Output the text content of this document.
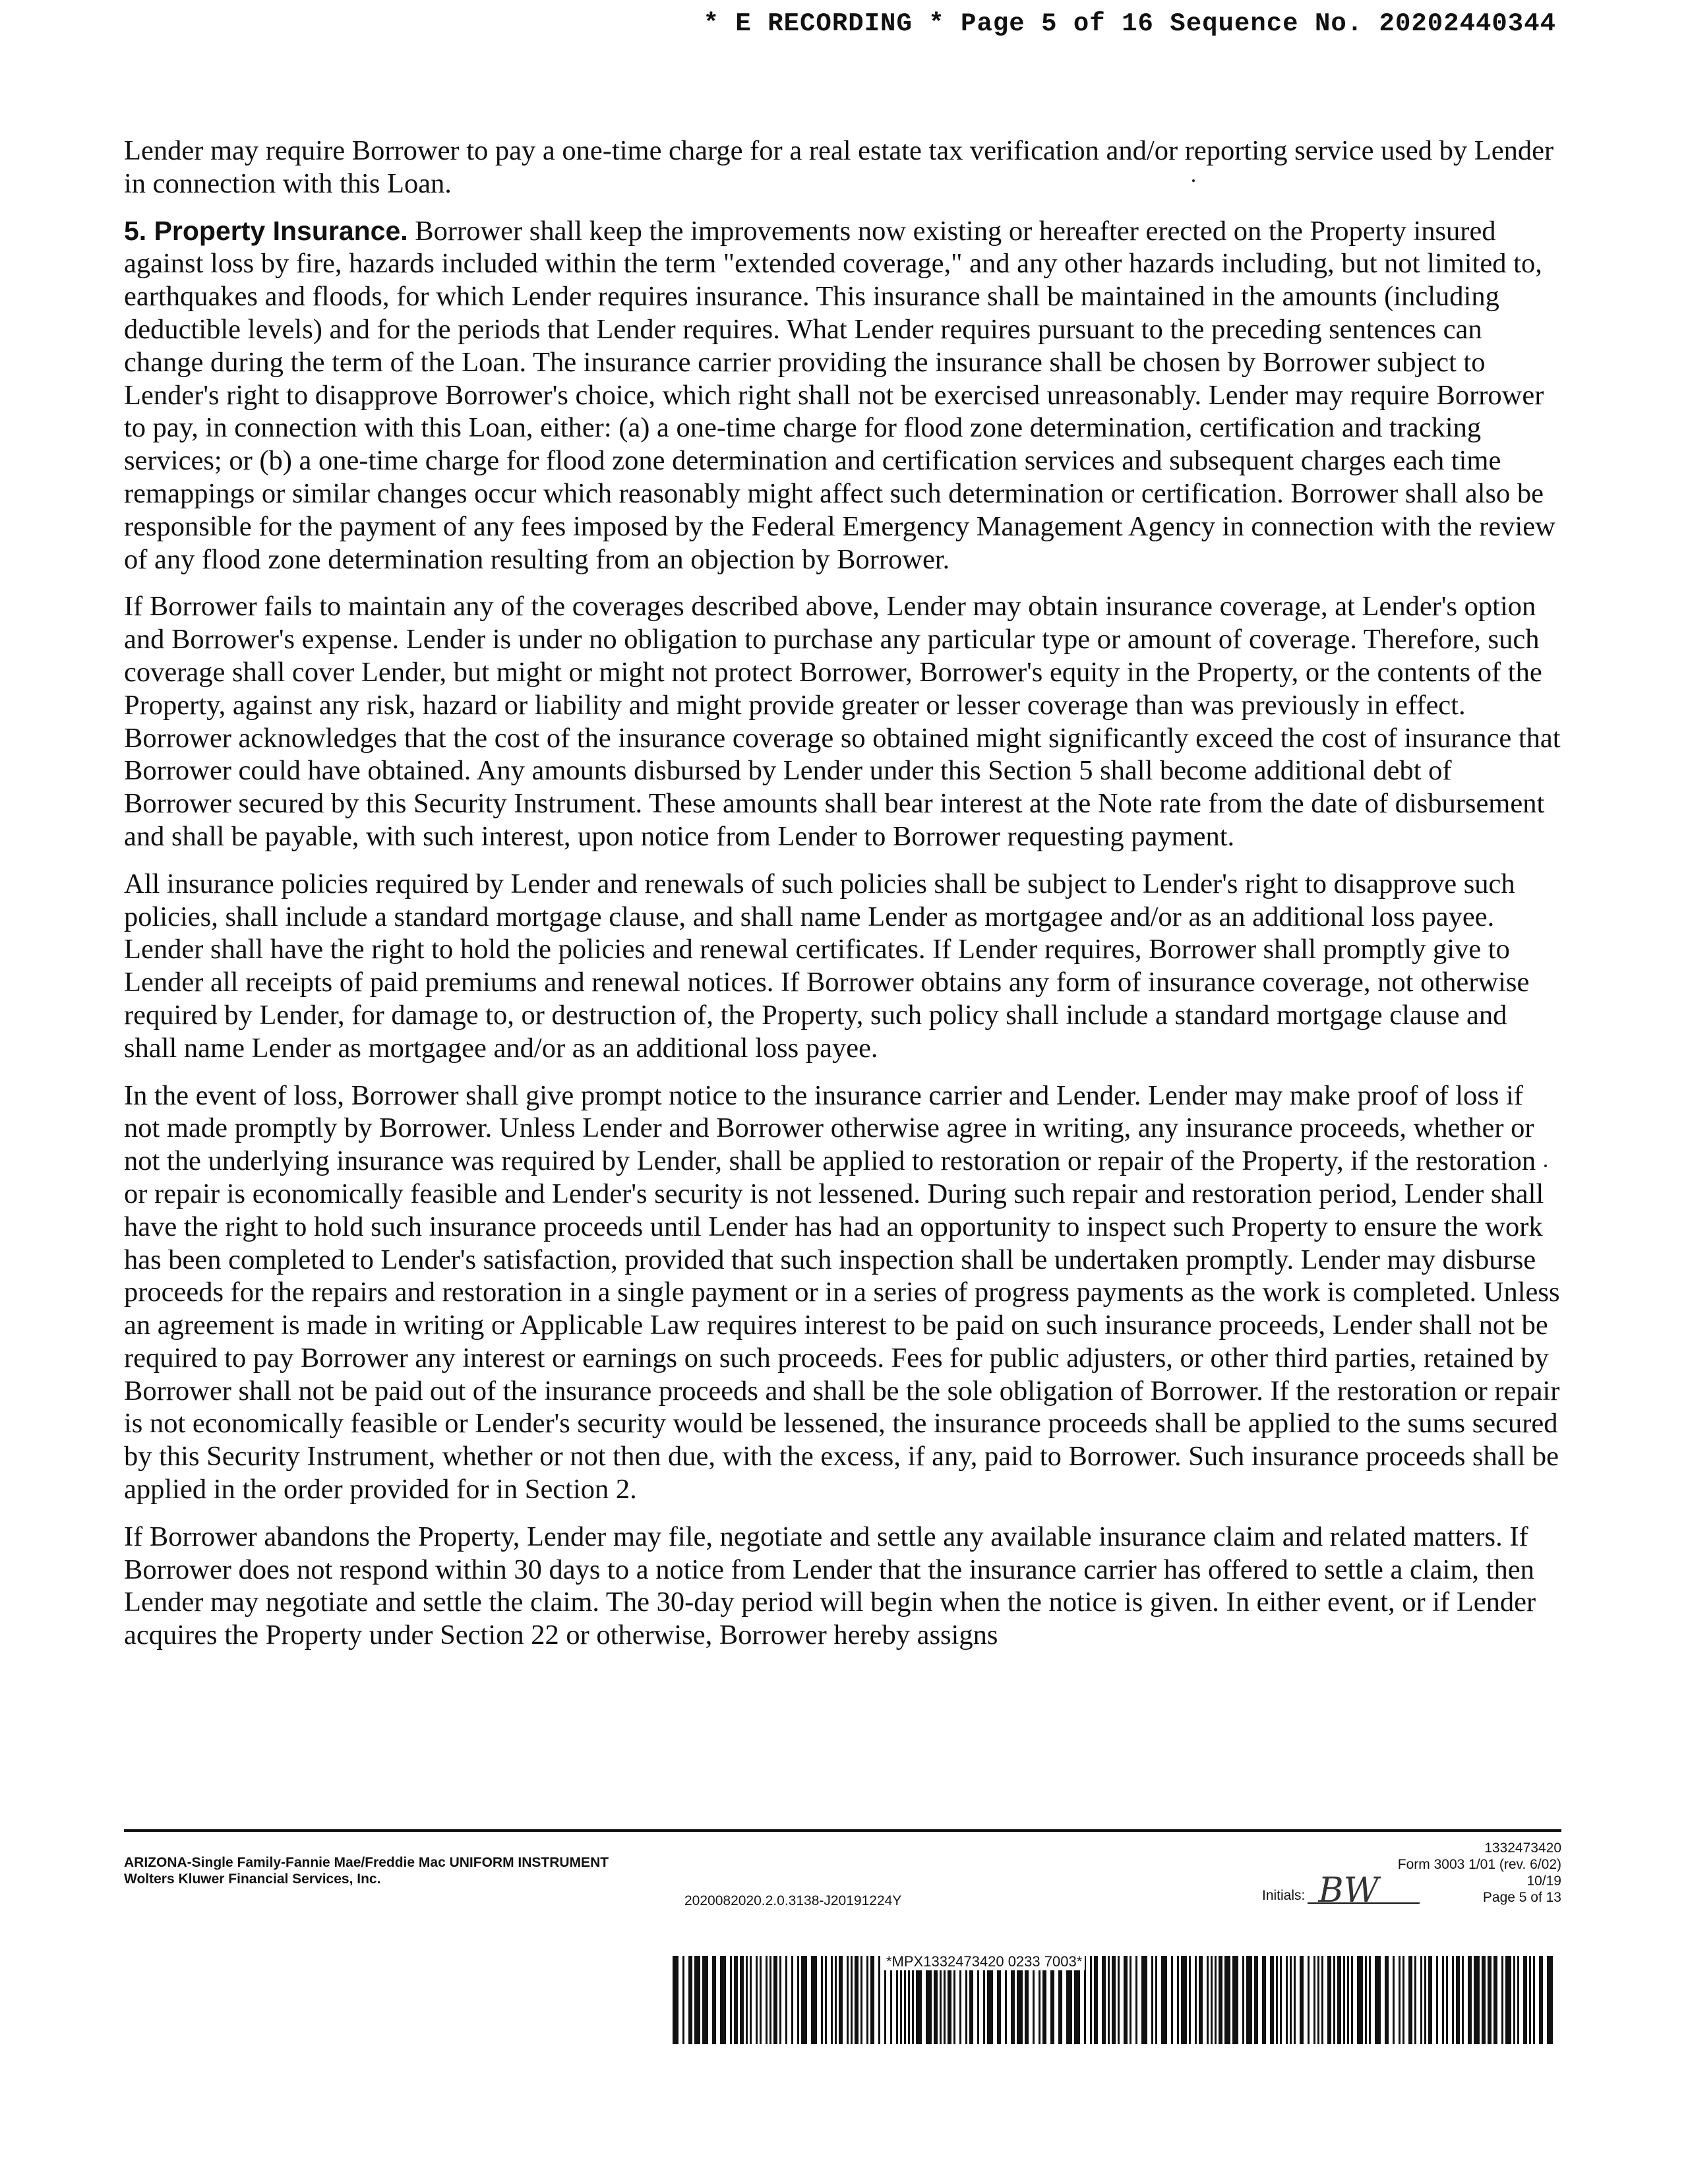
* E RECORDING * Page 5 of 16 Sequence No. 20202440344

Lender may require Borrower to pay a one-time charge for a real estate tax verification and/or reporting service used by Lender in connection with this Loan.

5. Property Insurance. Borrower shall keep the improvements now existing or hereafter erected on the Property insured against loss by fire, hazards included within the term "extended coverage," and any other hazards including, but not limited to, earthquakes and floods, for which Lender requires insurance. This insurance shall be maintained in the amounts (including deductible levels) and for the periods that Lender requires. What Lender requires pursuant to the preceding sentences can change during the term of the Loan. The insurance carrier providing the insurance shall be chosen by Borrower subject to Lender's right to disapprove Borrower's choice, which right shall not be exercised unreasonably. Lender may require Borrower to pay, in connection with this Loan, either: (a) a one-time charge for flood zone determination, certification and tracking services; or (b) a one-time charge for flood zone determination and certification services and subsequent charges each time remappings or similar changes occur which reasonably might affect such determination or certification. Borrower shall also be responsible for the payment of any fees imposed by the Federal Emergency Management Agency in connection with the review of any flood zone determination resulting from an objection by Borrower.

If Borrower fails to maintain any of the coverages described above, Lender may obtain insurance coverage, at Lender's option and Borrower's expense. Lender is under no obligation to purchase any particular type or amount of coverage. Therefore, such coverage shall cover Lender, but might or might not protect Borrower, Borrower's equity in the Property, or the contents of the Property, against any risk, hazard or liability and might provide greater or lesser coverage than was previously in effect. Borrower acknowledges that the cost of the insurance coverage so obtained might significantly exceed the cost of insurance that Borrower could have obtained. Any amounts disbursed by Lender under this Section 5 shall become additional debt of Borrower secured by this Security Instrument. These amounts shall bear interest at the Note rate from the date of disbursement and shall be payable, with such interest, upon notice from Lender to Borrower requesting payment.

All insurance policies required by Lender and renewals of such policies shall be subject to Lender's right to disapprove such policies, shall include a standard mortgage clause, and shall name Lender as mortgagee and/or as an additional loss payee. Lender shall have the right to hold the policies and renewal certificates. If Lender requires, Borrower shall promptly give to Lender all receipts of paid premiums and renewal notices. If Borrower obtains any form of insurance coverage, not otherwise required by Lender, for damage to, or destruction of, the Property, such policy shall include a standard mortgage clause and shall name Lender as mortgagee and/or as an additional loss payee.

In the event of loss, Borrower shall give prompt notice to the insurance carrier and Lender. Lender may make proof of loss if not made promptly by Borrower. Unless Lender and Borrower otherwise agree in writing, any insurance proceeds, whether or not the underlying insurance was required by Lender, shall be applied to restoration or repair of the Property, if the restoration or repair is economically feasible and Lender's security is not lessened. During such repair and restoration period, Lender shall have the right to hold such insurance proceeds until Lender has had an opportunity to inspect such Property to ensure the work has been completed to Lender's satisfaction, provided that such inspection shall be undertaken promptly. Lender may disburse proceeds for the repairs and restoration in a single payment or in a series of progress payments as the work is completed. Unless an agreement is made in writing or Applicable Law requires interest to be paid on such insurance proceeds, Lender shall not be required to pay Borrower any interest or earnings on such proceeds. Fees for public adjusters, or other third parties, retained by Borrower shall not be paid out of the insurance proceeds and shall be the sole obligation of Borrower. If the restoration or repair is not economically feasible or Lender's security would be lessened, the insurance proceeds shall be applied to the sums secured by this Security Instrument, whether or not then due, with the excess, if any, paid to Borrower. Such insurance proceeds shall be applied in the order provided for in Section 2.

If Borrower abandons the Property, Lender may file, negotiate and settle any available insurance claim and related matters. If Borrower does not respond within 30 days to a notice from Lender that the insurance carrier has offered to settle a claim, then Lender may negotiate and settle the claim. The 30-day period will begin when the notice is given. In either event, or if Lender acquires the Property under Section 22 or otherwise, Borrower hereby assigns

ARIZONA-Single Family-Fannie Mae/Freddie Mac UNIFORM INSTRUMENT
Wolters Kluwer Financial Services, Inc.
2020082020.2.0.3138-J20191224Y	Initials: BW
1332473420
Form 3003 1/01 (rev. 6/02)
10/19
Page 5 of 13
*MPX1332473420 0233 7003*
